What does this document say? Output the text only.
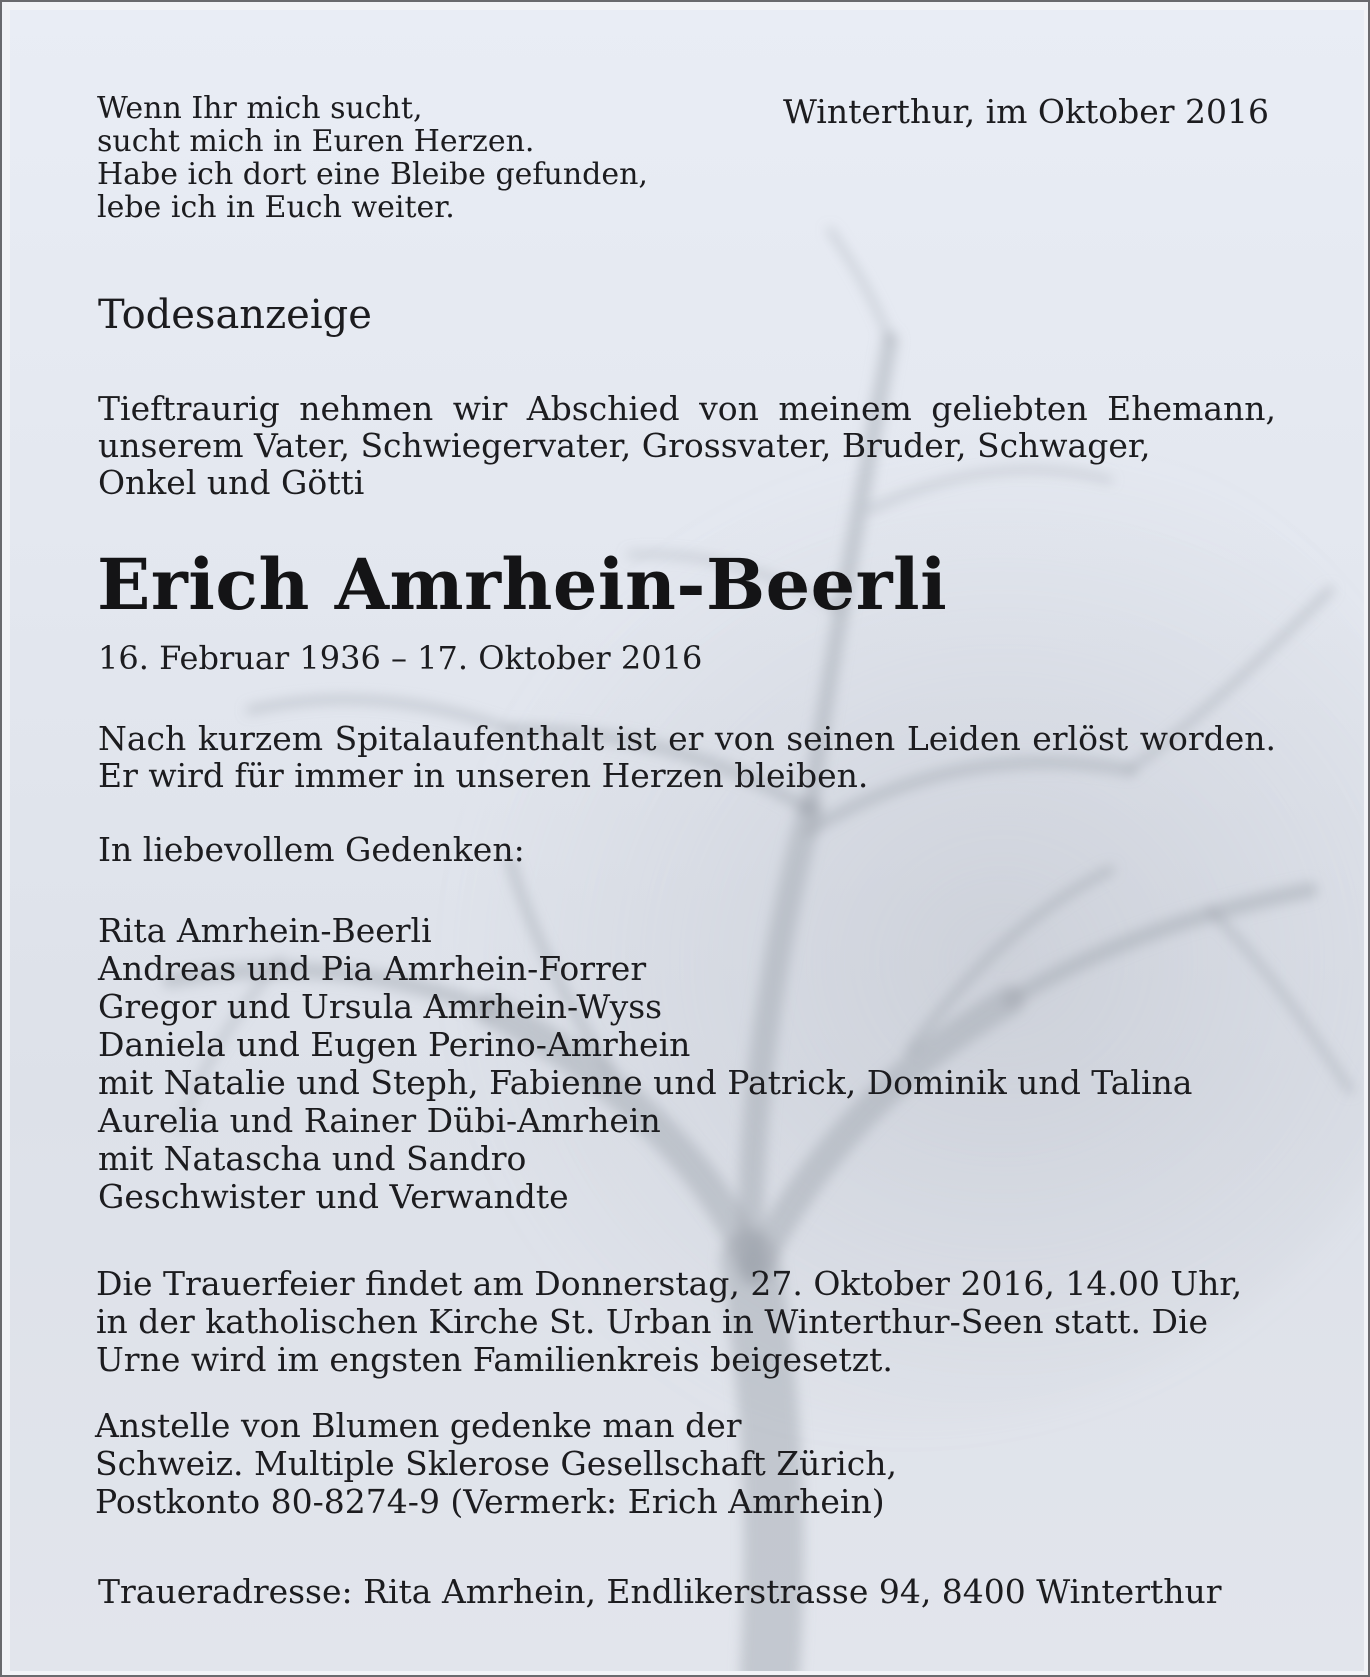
Wenn Ihr mich sucht,
sucht mich in Euren Herzen.
Habe ich dort eine Bleibe gefunden,
lebe ich in Euch weiter.
Winterthur, im Oktober 2016
Todesanzeige
Tieftraurig nehmen wir Abschied von meinem geliebten Ehemann,
unserem Vater, Schwiegervater, Grossvater, Bruder, Schwager,
Onkel und Götti
Erich Amrhein-Beerli
16. Februar 1936 – 17. Oktober 2016
Nach kurzem Spitalaufenthalt ist er von seinen Leiden erlöst worden.
Er wird für immer in unseren Herzen bleiben.
In liebevollem Gedenken:
Rita Amrhein-Beerli
Andreas und Pia Amrhein-Forrer
Gregor und Ursula Amrhein-Wyss
Daniela und Eugen Perino-Amrhein
mit Natalie und Steph, Fabienne und Patrick, Dominik und Talina
Aurelia und Rainer Dübi-Amrhein
mit Natascha und Sandro
Geschwister und Verwandte
Die Trauerfeier findet am Donnerstag, 27. Oktober 2016, 14.00 Uhr,
in der katholischen Kirche St. Urban in Winterthur-Seen statt. Die
Urne wird im engsten Familienkreis beigesetzt.
Anstelle von Blumen gedenke man der
Schweiz. Multiple Sklerose Gesellschaft Zürich,
Postkonto 80-8274-9 (Vermerk: Erich Amrhein)
Traueradresse: Rita Amrhein, Endlikerstrasse 94, 8400 Winterthur
